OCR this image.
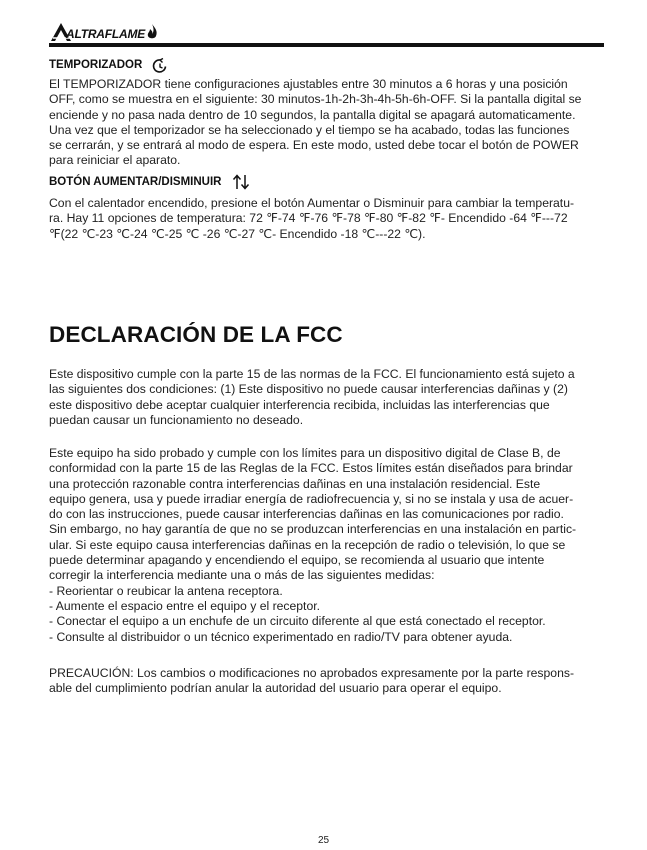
ALTRAFLAME
TEMPORIZADOR
El TEMPORIZADOR tiene configuraciones ajustables entre 30 minutos a 6 horas y una posición
OFF, como se muestra en el siguiente: 30 minutos-1h-2h-3h-4h-5h-6h-OFF. Si la pantalla digital se
enciende y no pasa nada dentro de 10 segundos, la pantalla digital se apagará automaticamente.
Una vez que el temporizador se ha seleccionado y el tiempo se ha acabado, todas las funciones
se cerrarán, y se entrará al modo de espera. En este modo, usted debe tocar el botón de POWER
para reiniciar el aparato.
BOTÓN AUMENTAR/DISMINUIR
Con el calentador encendido, presione el botón Aumentar o Disminuir para cambiar la temperatu-
ra. Hay 11 opciones de temperatura: 72 ℉-74 ℉-76 ℉-78 ℉-80 ℉-82 ℉- Encendido -64 ℉---72
℉(22 ℃-23 ℃-24 ℃-25 ℃ -26 ℃-27 ℃- Encendido -18 ℃---22 ℃).
DECLARACIÓN DE LA FCC
Este dispositivo cumple con la parte 15 de las normas de la FCC. El funcionamiento está sujeto a
las siguientes dos condiciones: (1) Este dispositivo no puede causar interferencias dañinas y (2)
este dispositivo debe aceptar cualquier interferencia recibida, incluidas las interferencias que
puedan causar un funcionamiento no deseado.
Este equipo ha sido probado y cumple con los límites para un dispositivo digital de Clase B, de
conformidad con la parte 15 de las Reglas de la FCC. Estos límites están diseñados para brindar
una protección razonable contra interferencias dañinas en una instalación residencial. Este
equipo genera, usa y puede irradiar energía de radiofrecuencia y, si no se instala y usa de acuer-
do con las instrucciones, puede causar interferencias dañinas en las comunicaciones por radio.
Sin embargo, no hay garantía de que no se produzcan interferencias en una instalación en partic-
ular. Si este equipo causa interferencias dañinas en la recepción de radio o televisión, lo que se
puede determinar apagando y encendiendo el equipo, se recomienda al usuario que intente
corregir la interferencia mediante una o más de las siguientes medidas:
- Reorientar o reubicar la antena receptora.
- Aumente el espacio entre el equipo y el receptor.
- Conectar el equipo a un enchufe de un circuito diferente al que está conectado el receptor.
- Consulte al distribuidor o un técnico experimentado en radio/TV para obtener ayuda.
PRECAUCIÓN: Los cambios o modificaciones no aprobados expresamente por la parte respons-
able del cumplimiento podrían anular la autoridad del usuario para operar el equipo.
25
